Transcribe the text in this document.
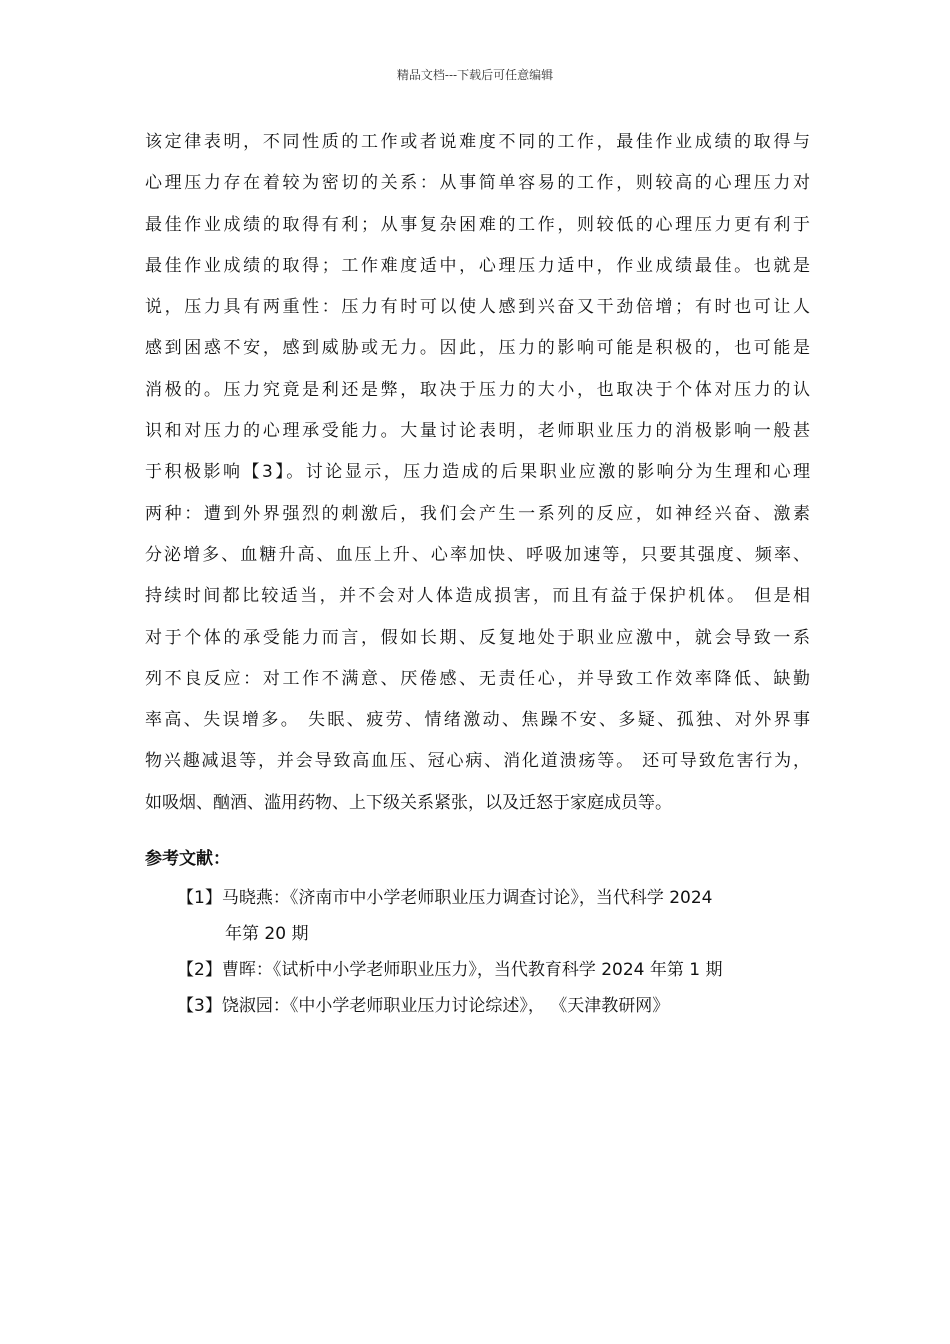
精品文档---下载后可任意编辑
该定律表明，不同性质的工作或者说难度不同的工作，最佳作业成绩的取得与
心理压力存在着较为密切的关系：从事简单容易的工作，则较高的心理压力对
最佳作业成绩的取得有利；从事复杂困难的工作，则较低的心理压力更有利于
最佳作业成绩的取得；工作难度适中，心理压力适中，作业成绩最佳。也就是
说，压力具有两重性：压力有时可以使人感到兴奋又干劲倍增；有时也可让人
感到困惑不安，感到威胁或无力。因此，压力的影响可能是积极的，也可能是
消极的。压力究竟是利还是弊，取决于压力的大小，也取决于个体对压力的认
识和对压力的心理承受能力。大量讨论表明，老师职业压力的消极影响一般甚
于积极影响【3】。讨论显示，压力造成的后果职业应激的影响分为生理和心理
两种：遭到外界强烈的刺激后，我们会产生一系列的反应，如神经兴奋、激素
分泌增多、血糖升高、血压上升、心率加快、呼吸加速等，只要其强度、频率、
持续时间都比较适当，并不会对人体造成损害，而且有益于保护机体。 但是相
对于个体的承受能力而言，假如长期、反复地处于职业应激中，就会导致一系
列不良反应：对工作不满意、厌倦感、无责任心，并导致工作效率降低、缺勤
率高、失误增多。 失眠、疲劳、情绪激动、焦躁不安、多疑、孤独、对外界事
物兴趣减退等，并会导致高血压、冠心病、消化道溃疡等。 还可导致危害行为，
如吸烟、酗酒、滥用药物、上下级关系紧张，以及迁怒于家庭成员等。
参考文献：
【1】马晓燕：《济南市中小学老师职业压力调查讨论》，当代科学 2024
年第 20 期
【2】曹晖：《试析中小学老师职业压力》，当代教育科学 2024 年第 1 期
【3】饶淑园：《中小学老师职业压力讨论综述》， 《天津教研网》
